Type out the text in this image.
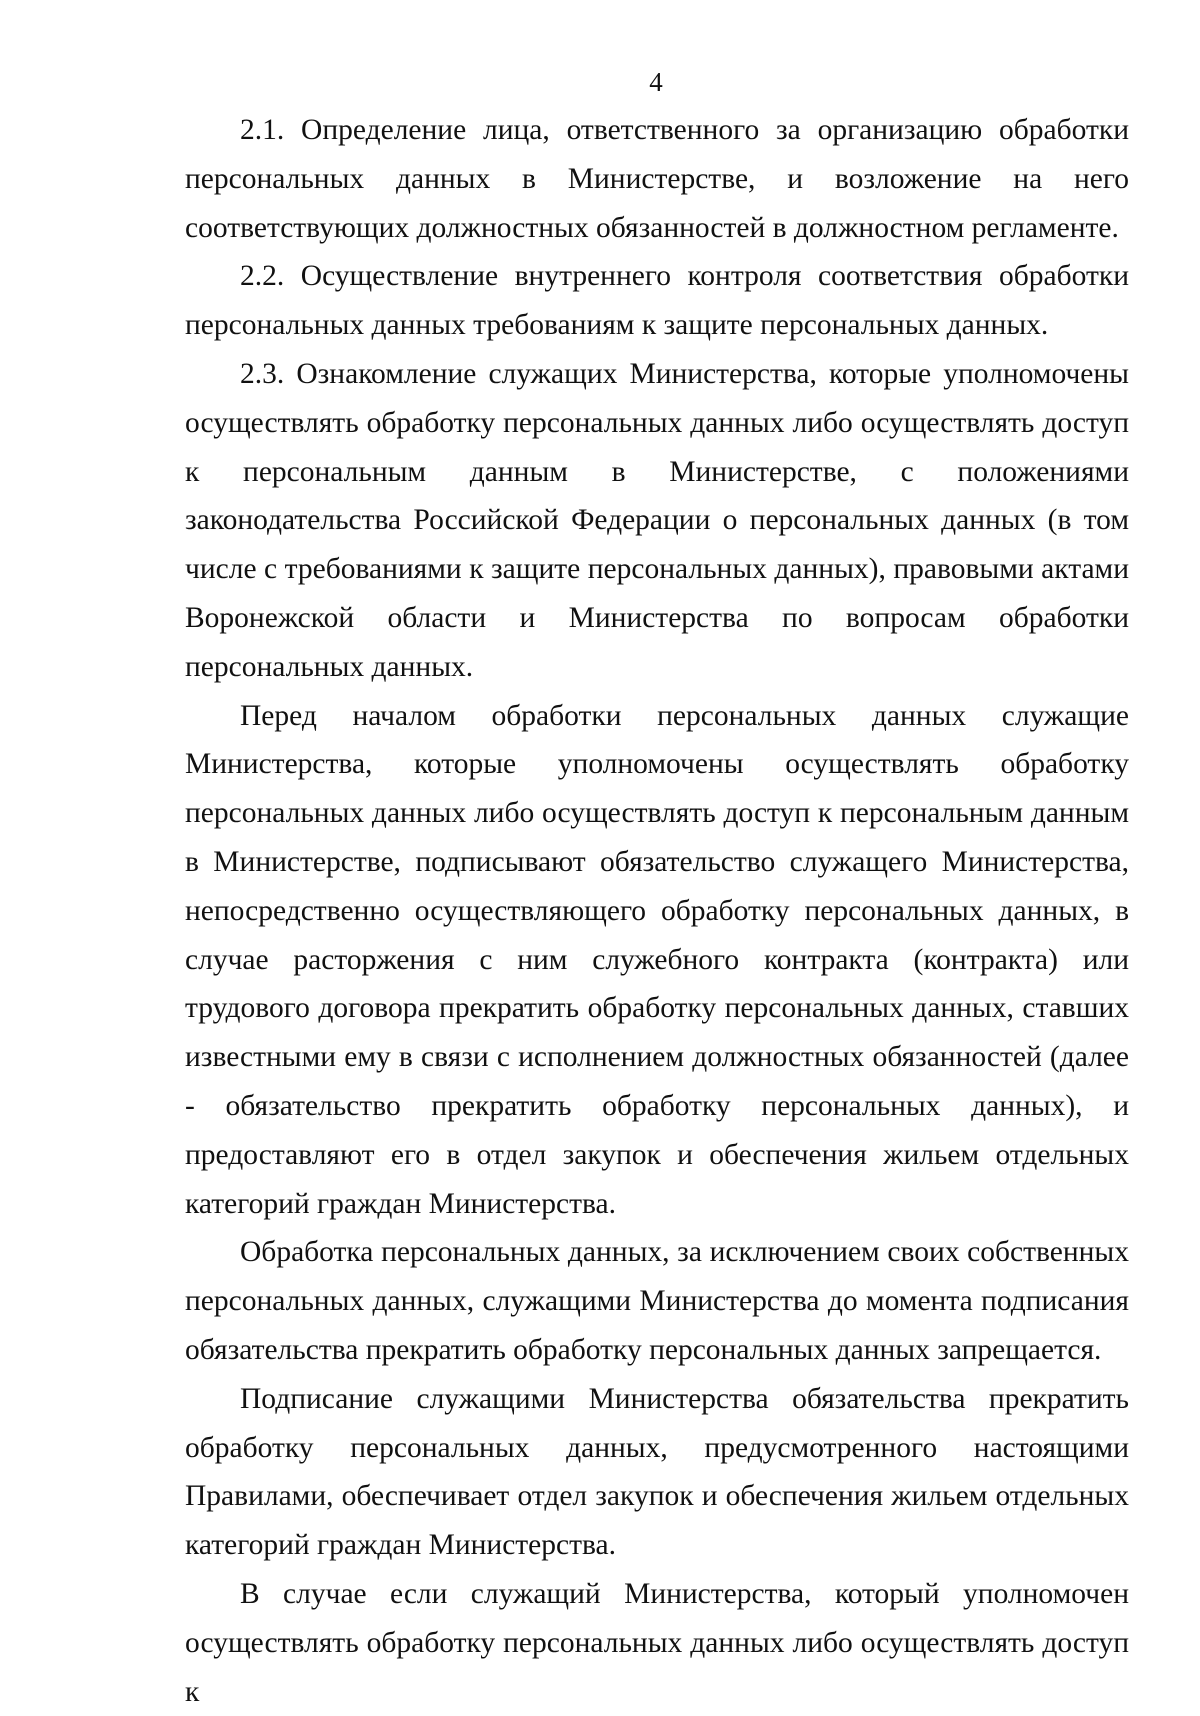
4

2.1. Определение лица, ответственного за организацию обработки персональных данных в Министерстве, и возложение на него соответствующих должностных обязанностей в должностном регламенте.

2.2. Осуществление внутреннего контроля соответствия обработки персональных данных требованиям к защите персональных данных.

2.3. Ознакомление служащих Министерства, которые уполномочены осуществлять обработку персональных данных либо осуществлять доступ к персональным данным в Министерстве, с положениями законодательства Российской Федерации о персональных данных (в том числе с требованиями к защите персональных данных), правовыми актами Воронежской области и Министерства по вопросам обработки персональных данных.

Перед началом обработки персональных данных служащие Министерства, которые уполномочены осуществлять обработку персональных данных либо осуществлять доступ к персональным данным в Министерстве, подписывают обязательство служащего Министерства, непосредственно осуществляющего обработку персональных данных, в случае расторжения с ним служебного контракта (контракта) или трудового договора прекратить обработку персональных данных, ставших известными ему в связи с исполнением должностных обязанностей (далее - обязательство прекратить обработку персональных данных), и предоставляют его в отдел закупок и обеспечения жильем отдельных категорий граждан Министерства.

Обработка персональных данных, за исключением своих собственных персональных данных, служащими Министерства до момента подписания обязательства прекратить обработку персональных данных запрещается.

Подписание служащими Министерства обязательства прекратить обработку персональных данных, предусмотренного настоящими Правилами, обеспечивает отдел закупок и обеспечения жильем отдельных категорий граждан Министерства.

В случае если служащий Министерства, который уполномочен осуществлять обработку персональных данных либо осуществлять доступ к
